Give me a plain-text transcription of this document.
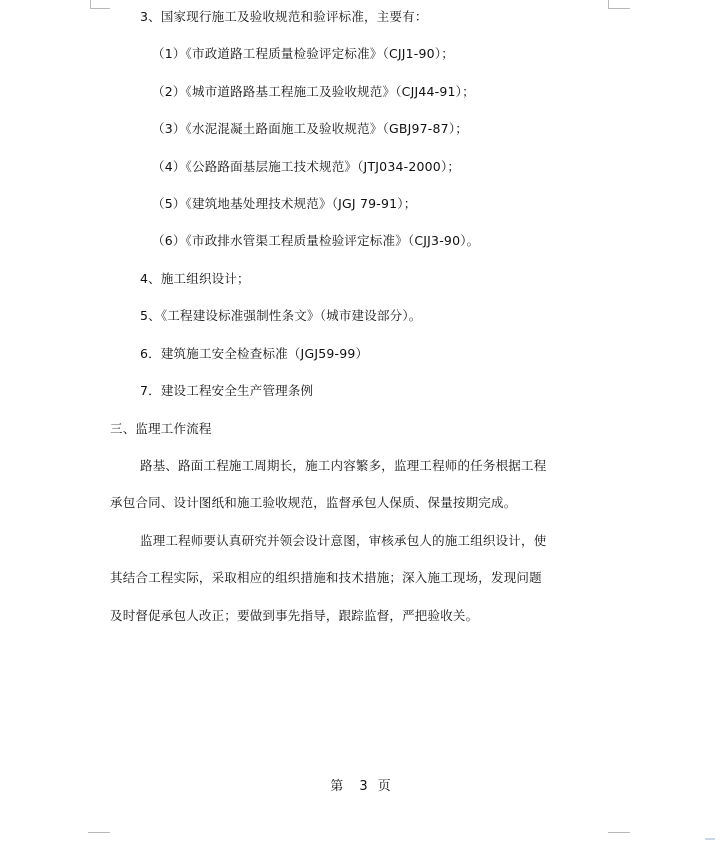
3、国家现行施工及验收规范和验评标准，主要有：
（1）《市政道路工程质量检验评定标准》（CJJ1-90）；
（2）《城市道路路基工程施工及验收规范》（CJJ44-91）；
（3）《水泥混凝土路面施工及验收规范》（GBJ97-87）；
（4）《公路路面基层施工技术规范》（JTJ034-2000）；
（5）《建筑地基处理技术规范》（JGJ 79-91）；
（6）《市政排水管渠工程质量检验评定标准》（CJJ3-90）。
4、施工组织设计；
5、《工程建设标准强制性条文》（城市建设部分）。
6．建筑施工安全检查标准（JGJ59-99）
7．建设工程安全生产管理条例
三、监理工作流程
路基、路面工程施工周期长，施工内容繁多，监理工程师的任务根据工程
承包合同、设计图纸和施工验收规范，监督承包人保质、保量按期完成。
监理工程师要认真研究并领会设计意图，审核承包人的施工组织设计，使
其结合工程实际，采取相应的组织措施和技术措施；深入施工现场，发现问题
及时督促承包人改正；要做到事先指导，跟踪监督，严把验收关。
第 3 页
